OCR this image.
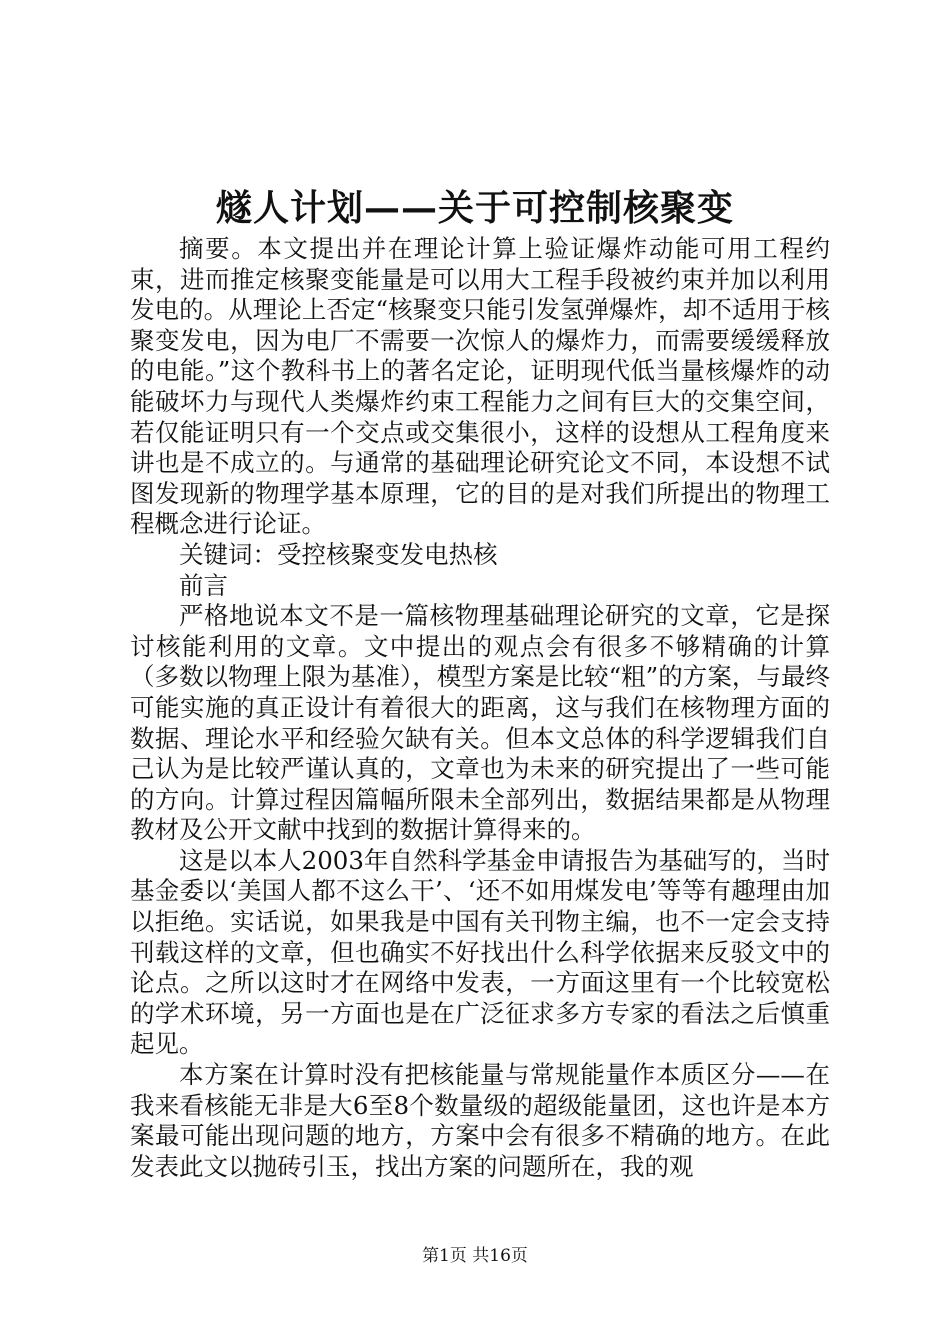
燧人计划——关于可控制核聚变

摘要。本文提出并在理论计算上验证爆炸动能可用工程约束，进而推定核聚变能量是可以用大工程手段被约束并加以利用发电的。从理论上否定“核聚变只能引发氢弹爆炸，却不适用于核聚变发电，因为电厂不需要一次惊人的爆炸力，而需要缓缓释放的电能。”这个教科书上的著名定论，证明现代低当量核爆炸的动能破坏力与现代人类爆炸约束工程能力之间有巨大的交集空间，若仅能证明只有一个交点或交集很小，这样的设想从工程角度来讲也是不成立的。与通常的基础理论研究论文不同，本设想不试图发现新的物理学基本原理，它的目的是对我们所提出的物理工程概念进行论证。

关键词：受控核聚变发电热核

前言

严格地说本文不是一篇核物理基础理论研究的文章，它是探讨核能利用的文章。文中提出的观点会有很多不够精确的计算（多数以物理上限为基准），模型方案是比较“粗”的方案，与最终可能实施的真正设计有着很大的距离，这与我们在核物理方面的数据、理论水平和经验欠缺有关。但本文总体的科学逻辑我们自己认为是比较严谨认真的，文章也为未来的研究提出了一些可能的方向。计算过程因篇幅所限未全部列出，数据结果都是从物理教材及公开文献中找到的数据计算得来的。

这是以本人2003年自然科学基金申请报告为基础写的，当时基金委以‘美国人都不这么干’、‘还不如用煤发电’等等有趣理由加以拒绝。实话说，如果我是中国有关刊物主编，也不一定会支持刊载这样的文章，但也确实不好找出什么科学依据来反驳文中的论点。之所以这时才在网络中发表，一方面这里有一个比较宽松的学术环境，另一方面也是在广泛征求多方专家的看法之后慎重起见。

本方案在计算时没有把核能量与常规能量作本质区分——在我来看核能无非是大6至8个数量级的超级能量团，这也许是本方案最可能出现问题的地方，方案中会有很多不精确的地方。在此发表此文以抛砖引玉，找出方案的问题所在，我的观

第1页 共16页
